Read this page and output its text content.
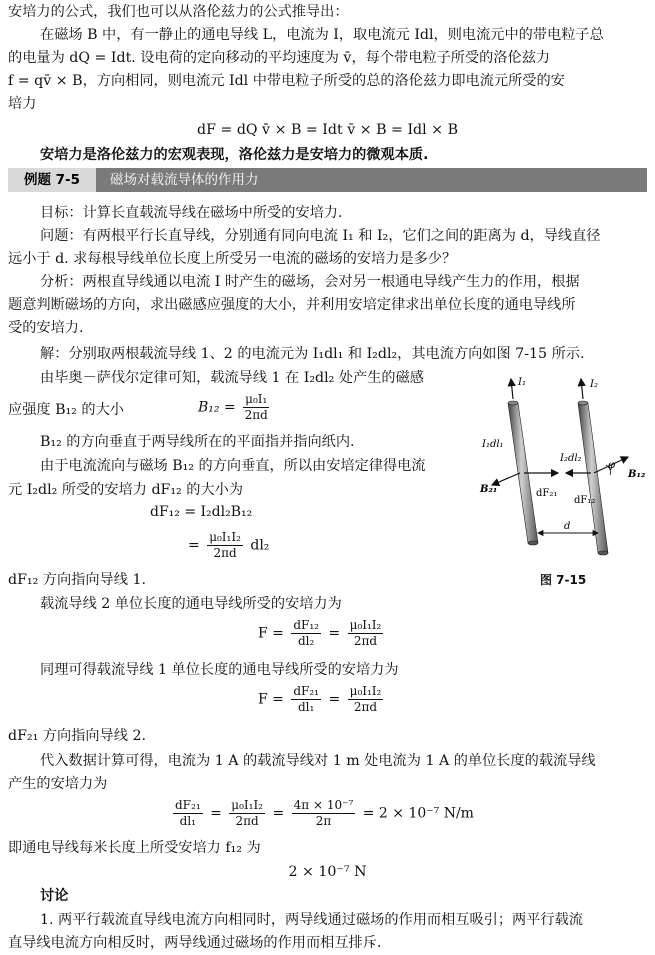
安培力的公式，我们也可以从洛伦兹力的公式推导出：
在磁场 B 中，有一静止的通电导线 L，电流为 I，取电流元 Idl，则电流元中的带电粒子总
的电量为 dQ = Idt. 设电荷的定向移动的平均速度为 v̄，每个带电粒子所受的洛伦兹力
f = qv̄ × B，方向相同，则电流元 Idl 中带电粒子所受的总的洛伦兹力即电流元所受的安
培力
dF = dQ v̄ × B = Idt v̄ × B = Idl × B
安培力是洛伦兹力的宏观表现，洛伦兹力是安培力的微观本质.
例题 7-5	磁场对载流导体的作用力
目标：计算长直载流导线在磁场中所受的安培力.
问题：有两根平行长直导线，分别通有同向电流 I₁ 和 I₂，它们之间的距离为 d，导线直径
远小于 d. 求每根导线单位长度上所受另一电流的磁场的安培力是多少？
分析：两根直导线通以电流 I 时产生的磁场，会对另一根通电导线产生力的作用，根据
题意判断磁场的方向，求出磁感应强度的大小，并利用安培定律求出单位长度的通电导线所
受的安培力.
解：分别取两根载流导线 1、2 的电流元为 I₁dl₁ 和 I₂dl₂，其电流方向如图 7-15 所示.
由毕奥－萨伐尔定律可知，载流导线 1 在 I₂dl₂ 处产生的磁感
应强度 B₁₂ 的大小	$B_{12} = \frac{\text{μ₀I₁}}{2\pi d}$
B₁₂ 的方向垂直于两导线所在的平面指并指向纸内.
由于电流流向与磁场 B₁₂ 的方向垂直，所以由安培定律得电流
元 I₂dl₂ 所受的安培力 dF₁₂ 的大小为
dF₁₂ = I₂dl₂B₁₂
= $\frac{\text{μ₀I₁I₂}}{2\pi d} dl_2$
dF₁₂ 方向指向导线 1.
载流导线 2 单位长度的通电导线所受的安培力为
$F = \frac{\text{dF₁₂}}{\text{dl₂}} = \frac{\text{μ₀I₁I₂}}{2\pi d}$
同理可得载流导线 1 单位长度的通电导线所受的安培力为
$F = \frac{\text{dF₂₁}}{\text{dl₁}} = \frac{\text{μ₀I₁I₂}}{2\pi d}$
dF₂₁ 方向指向导线 2.
代入数据计算可得，电流为 1 A 的载流导线对 1 m 处电流为 1 A 的单位长度的载流导线
产生的安培力为
$\frac{\text{dF₂₁}}{\text{dl₁}} = \frac{\text{μ₀I₁I₂}}{2\pi d} = \frac{\text{4π × 10⁻⁷}}{2\pi} = 2 \times 10^{-7}$ N/m
即通电导线每米长度上所受安培力 f₁₂ 为
2 × 10⁻⁷ N
讨论
1. 两平行载流直导线电流方向相同时，两导线通过磁场的作用而相互吸引；两平行载流
直导线电流方向相反时，两导线通过磁场的作用而相互排斥.
I₁	I₂
I₁dl₁
I₂dl₂
B₂₁
B₁₂
dF₂₁
dF₁₂
φ
d
图 7-15
